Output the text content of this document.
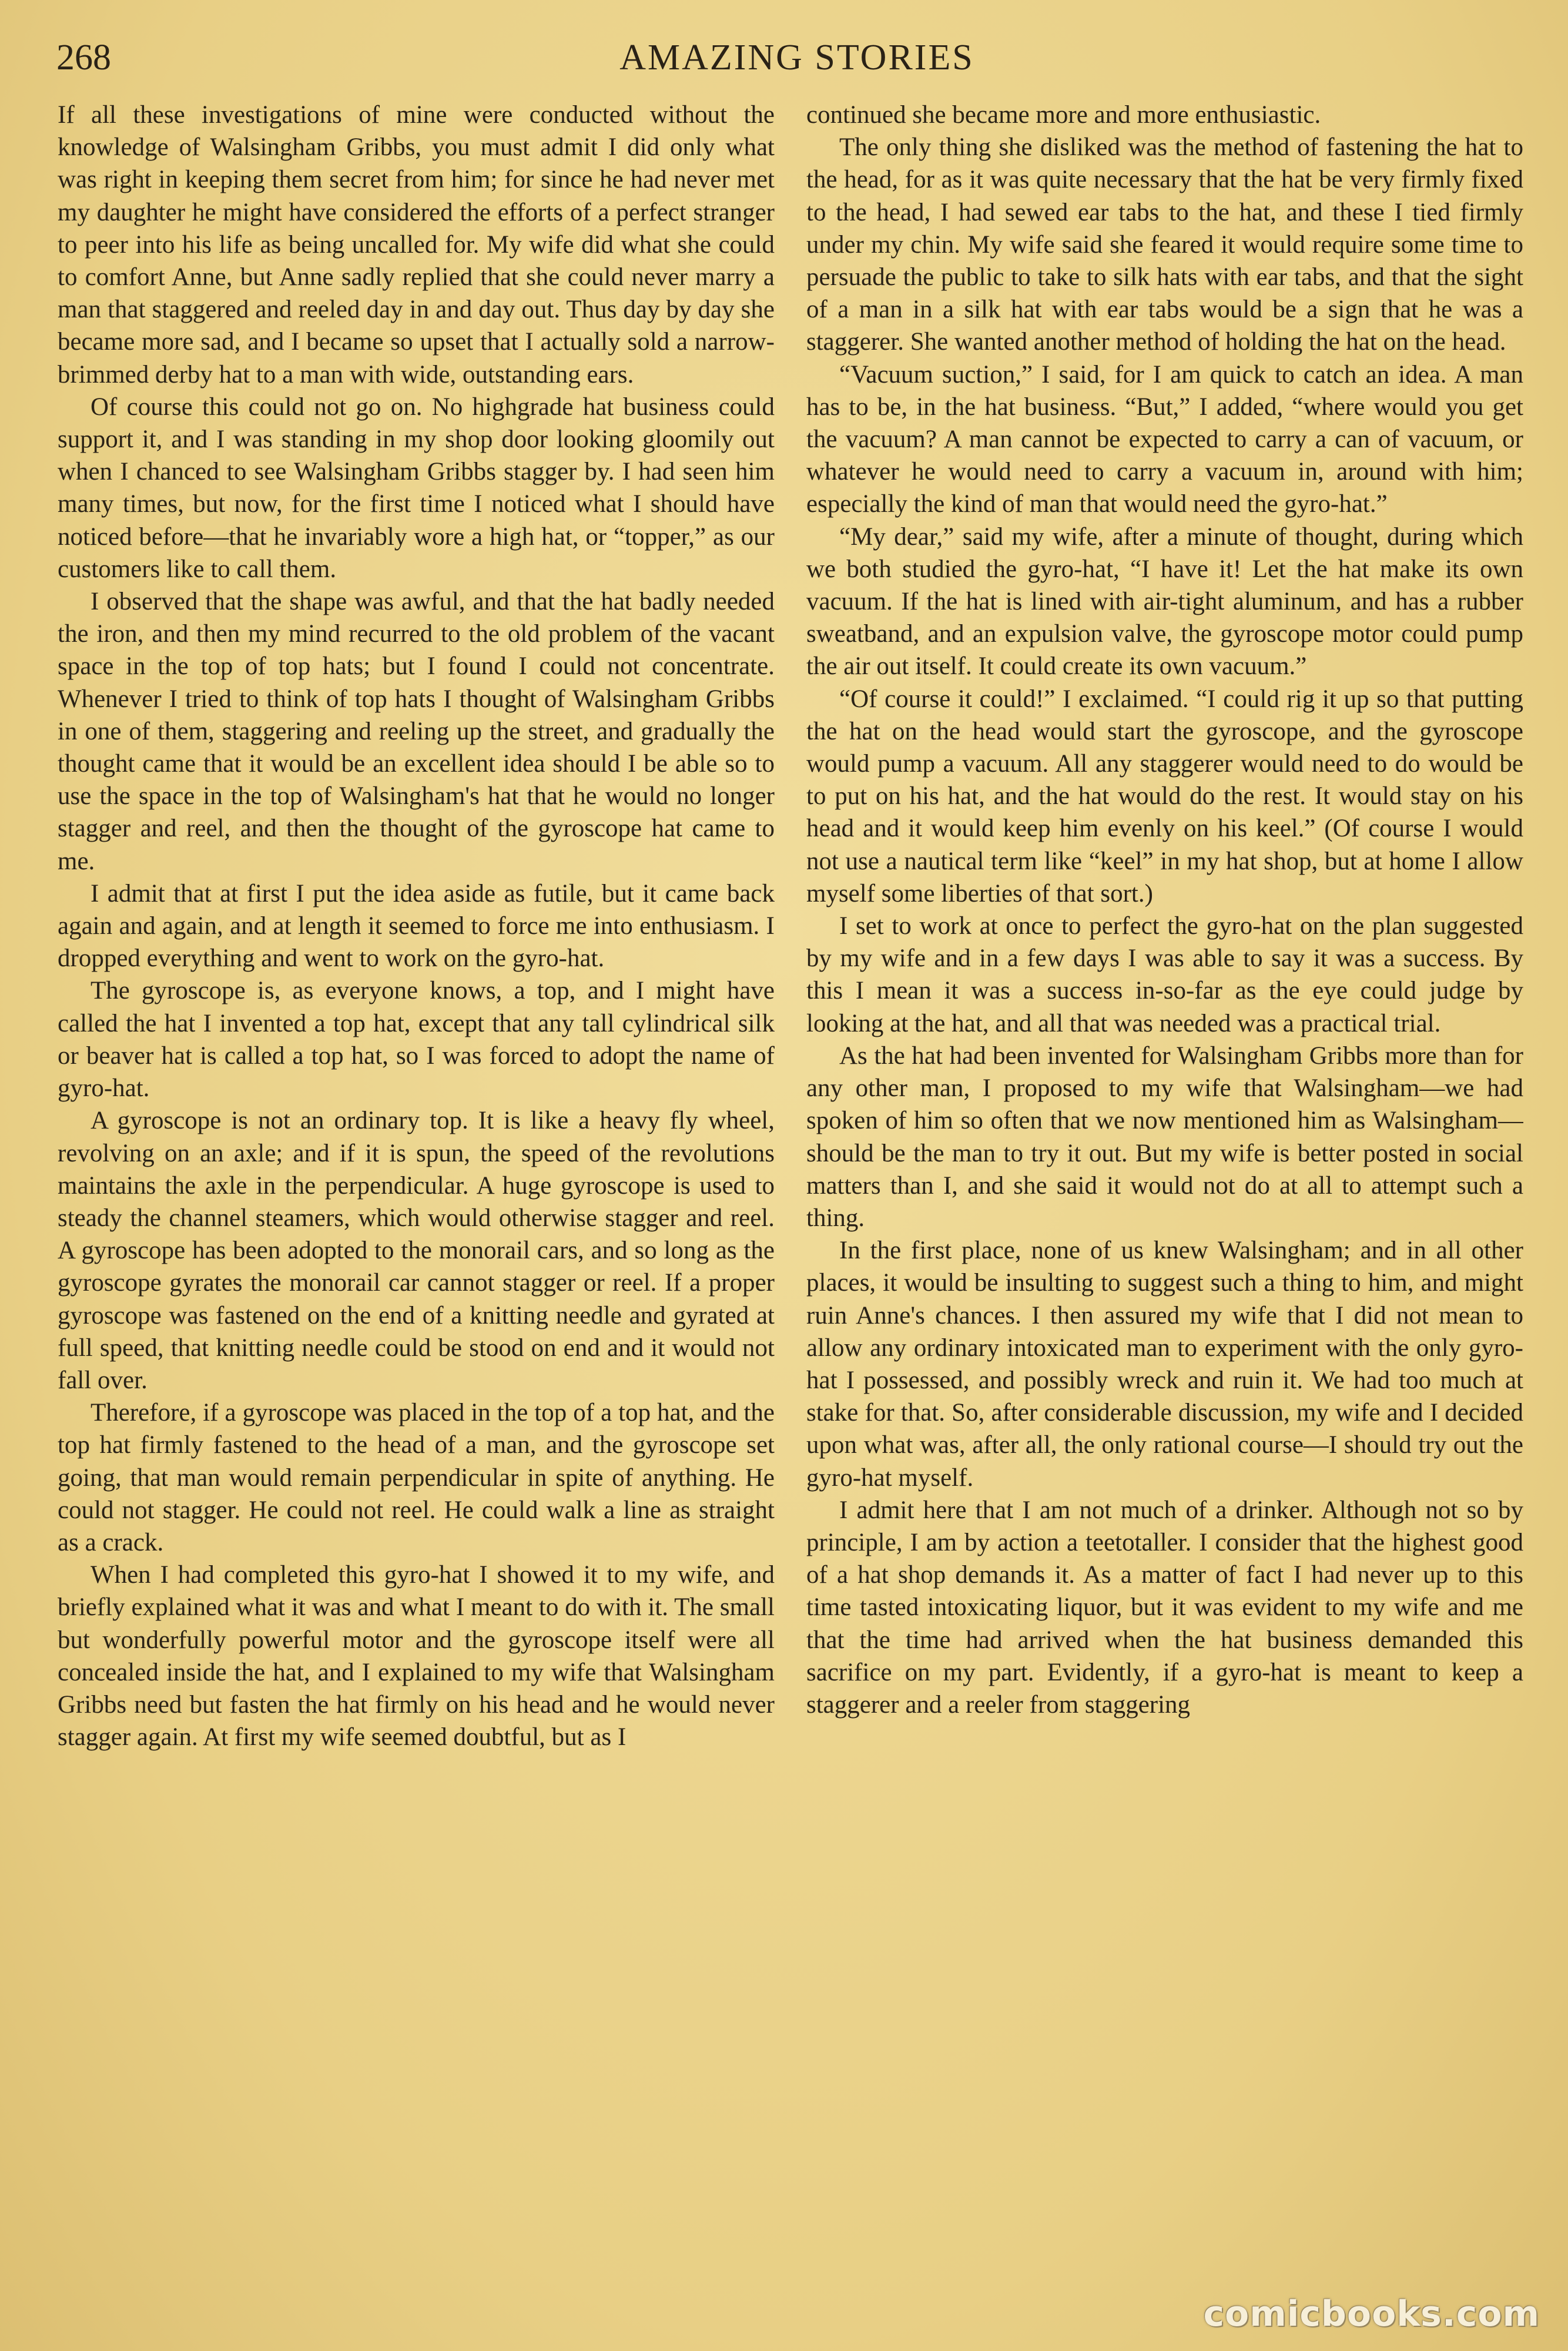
268	AMAZING STORIES

If all these investigations of mine were conducted without the knowledge of Walsingham Gribbs, you must admit I did only what was right in keeping them secret from him; for since he had never met my daughter he might have considered the efforts of a perfect stranger to peer into his life as being uncalled for. My wife did what she could to comfort Anne, but Anne sadly replied that she could never marry a man that staggered and reeled day in and day out. Thus day by day she became more sad, and I became so upset that I actually sold a narrow-brimmed derby hat to a man with wide, outstanding ears.

Of course this could not go on. No highgrade hat business could support it, and I was standing in my shop door looking gloomily out when I chanced to see Walsingham Gribbs stagger by. I had seen him many times, but now, for the first time I noticed what I should have noticed before—that he invariably wore a high hat, or “topper,” as our customers like to call them.

I observed that the shape was awful, and that the hat badly needed the iron, and then my mind recurred to the old problem of the vacant space in the top of top hats; but I found I could not concentrate. Whenever I tried to think of top hats I thought of Walsingham Gribbs in one of them, staggering and reeling up the street, and gradually the thought came that it would be an excellent idea should I be able so to use the space in the top of Walsingham's hat that he would no longer stagger and reel, and then the thought of the gyroscope hat came to me.

I admit that at first I put the idea aside as futile, but it came back again and again, and at length it seemed to force me into enthusiasm. I dropped everything and went to work on the gyro-hat.

The gyroscope is, as everyone knows, a top, and I might have called the hat I invented a top hat, except that any tall cylindrical silk or beaver hat is called a top hat, so I was forced to adopt the name of gyro-hat.

A gyroscope is not an ordinary top. It is like a heavy fly wheel, revolving on an axle; and if it is spun, the speed of the revolutions maintains the axle in the perpendicular. A huge gyroscope is used to steady the channel steamers, which would otherwise stagger and reel. A gyroscope has been adopted to the monorail cars, and so long as the gyroscope gyrates the monorail car cannot stagger or reel. If a proper gyroscope was fastened on the end of a knitting needle and gyrated at full speed, that knitting needle could be stood on end and it would not fall over.

Therefore, if a gyroscope was placed in the top of a top hat, and the top hat firmly fastened to the head of a man, and the gyroscope set going, that man would remain perpendicular in spite of anything. He could not stagger. He could not reel. He could walk a line as straight as a crack.

When I had completed this gyro-hat I showed it to my wife, and briefly explained what it was and what I meant to do with it. The small but wonderfully powerful motor and the gyroscope itself were all concealed inside the hat, and I explained to my wife that Walsingham Gribbs need but fasten the hat firmly on his head and he would never stagger again. At first my wife seemed doubtful, but as I

continued she became more and more enthusiastic.

The only thing she disliked was the method of fastening the hat to the head, for as it was quite necessary that the hat be very firmly fixed to the head, I had sewed ear tabs to the hat, and these I tied firmly under my chin. My wife said she feared it would require some time to persuade the public to take to silk hats with ear tabs, and that the sight of a man in a silk hat with ear tabs would be a sign that he was a staggerer. She wanted another method of holding the hat on the head.

“Vacuum suction,” I said, for I am quick to catch an idea. A man has to be, in the hat business. “But,” I added, “where would you get the vacuum? A man cannot be expected to carry a can of vacuum, or whatever he would need to carry a vacuum in, around with him; especially the kind of man that would need the gyro-hat.”

“My dear,” said my wife, after a minute of thought, during which we both studied the gyro-hat, “I have it! Let the hat make its own vacuum. If the hat is lined with air-tight aluminum, and has a rubber sweatband, and an expulsion valve, the gyroscope motor could pump the air out itself. It could create its own vacuum.”

“Of course it could!” I exclaimed. “I could rig it up so that putting the hat on the head would start the gyroscope, and the gyroscope would pump a vacuum. All any staggerer would need to do would be to put on his hat, and the hat would do the rest. It would stay on his head and it would keep him evenly on his keel.” (Of course I would not use a nautical term like “keel” in my hat shop, but at home I allow myself some liberties of that sort.)

I set to work at once to perfect the gyro-hat on the plan suggested by my wife and in a few days I was able to say it was a success. By this I mean it was a success in-so-far as the eye could judge by looking at the hat, and all that was needed was a practical trial.

As the hat had been invented for Walsingham Gribbs more than for any other man, I proposed to my wife that Walsingham—we had spoken of him so often that we now mentioned him as Walsingham—should be the man to try it out. But my wife is better posted in social matters than I, and she said it would not do at all to attempt such a thing.

In the first place, none of us knew Walsingham; and in all other places, it would be insulting to suggest such a thing to him, and might ruin Anne's chances. I then assured my wife that I did not mean to allow any ordinary intoxicated man to experiment with the only gyro-hat I possessed, and possibly wreck and ruin it. We had too much at stake for that. So, after considerable discussion, my wife and I decided upon what was, after all, the only rational course—I should try out the gyro-hat myself.

I admit here that I am not much of a drinker. Although not so by principle, I am by action a teetotaller. I consider that the highest good of a hat shop demands it. As a matter of fact I had never up to this time tasted intoxicating liquor, but it was evident to my wife and me that the time had arrived when the hat business demanded this sacrifice on my part. Evidently, if a gyro-hat is meant to keep a staggerer and a reeler from staggering

comicbooks.com
